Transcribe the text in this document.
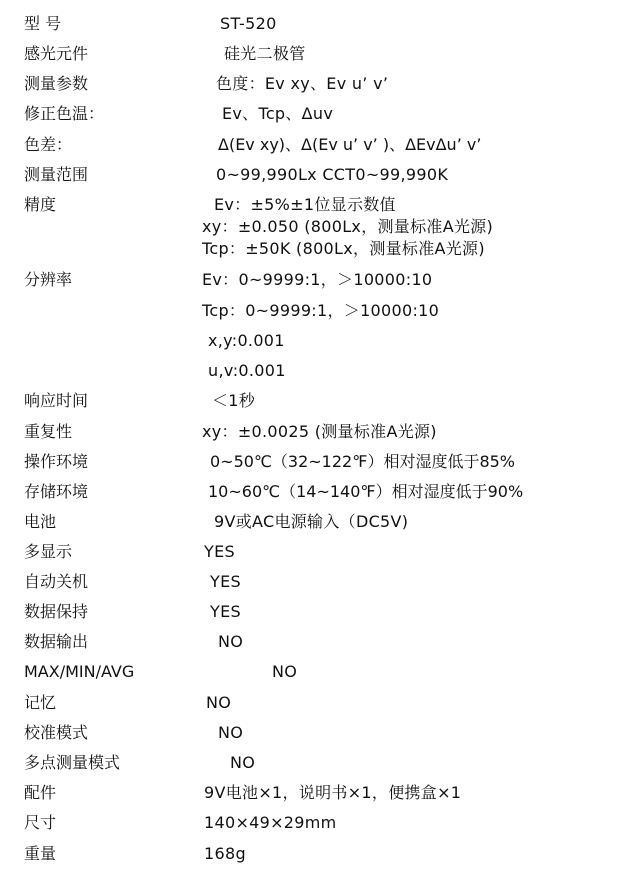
型 号	ST-520
感光元件	硅光二极管
测量参数	色度：Ev xy、Ev u’ v’
修正色温：	Ev、Tcp、Δuv
色差：	Δ(Ev xy)、Δ(Ev u’ v’ )、ΔEvΔu’ v’
测量范围	0~99,990Lx CCT0~99,990K
精度	Ev：±5%±1位显示数值
xy：±0.050 (800Lx，测量标准A光源)
Tcp：±50K (800Lx，测量标准A光源)
分辨率	Ev：0~9999:1，＞10000:10
Tcp：0~9999:1，＞10000:10
x,y:0.001
u,v:0.001
响应时间	＜1秒
重复性	xy：±0.0025 (测量标准A光源)
操作环境	0~50℃（32~122℉）相对湿度低于85%
存储环境	10~60℃（14~140℉）相对湿度低于90%
电池	9V或AC电源输入（DC5V)
多显示	YES
自动关机	YES
数据保持	YES
数据输出	NO
MAX/MIN/AVG	NO
记忆	NO
校准模式	NO
多点测量模式	NO
配件	9V电池×1，说明书×1，便携盒×1
尺寸	140×49×29mm
重量	168g
